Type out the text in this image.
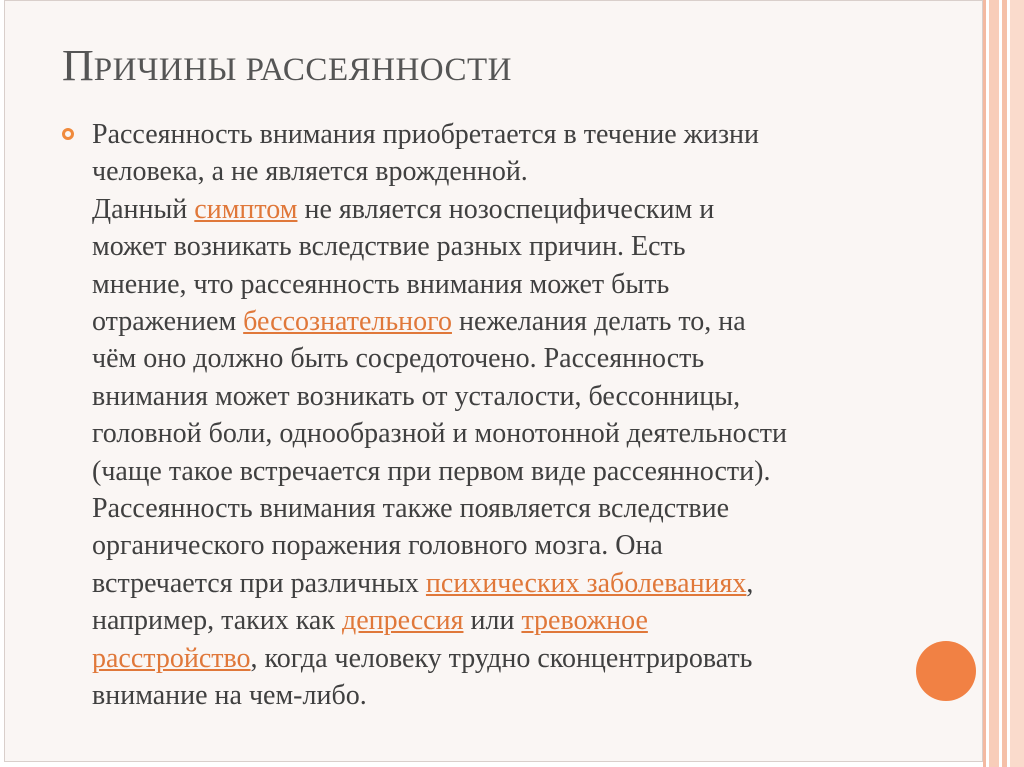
ПРИЧИНЫ РАССЕЯННОСТИ

Рассеянность внимания приобретается в течение жизни
человека, а не является врожденной.
Данный симптом не является нозоспецифическим и
может возникать вследствие разных причин. Есть
мнение, что рассеянность внимания может быть
отражением бессознательного нежелания делать то, на
чём оно должно быть сосредоточено. Рассеянность
внимания может возникать от усталости, бессонницы,
головной боли, однообразной и монотонной деятельности
(чаще такое встречается при первом виде рассеянности).
Рассеянность внимания также появляется вследствие
органического поражения головного мозга. Она
встречается при различных психических заболеваниях,
например, таких как депрессия или тревожное
расстройство, когда человеку трудно сконцентрировать
внимание на чем-либо.
